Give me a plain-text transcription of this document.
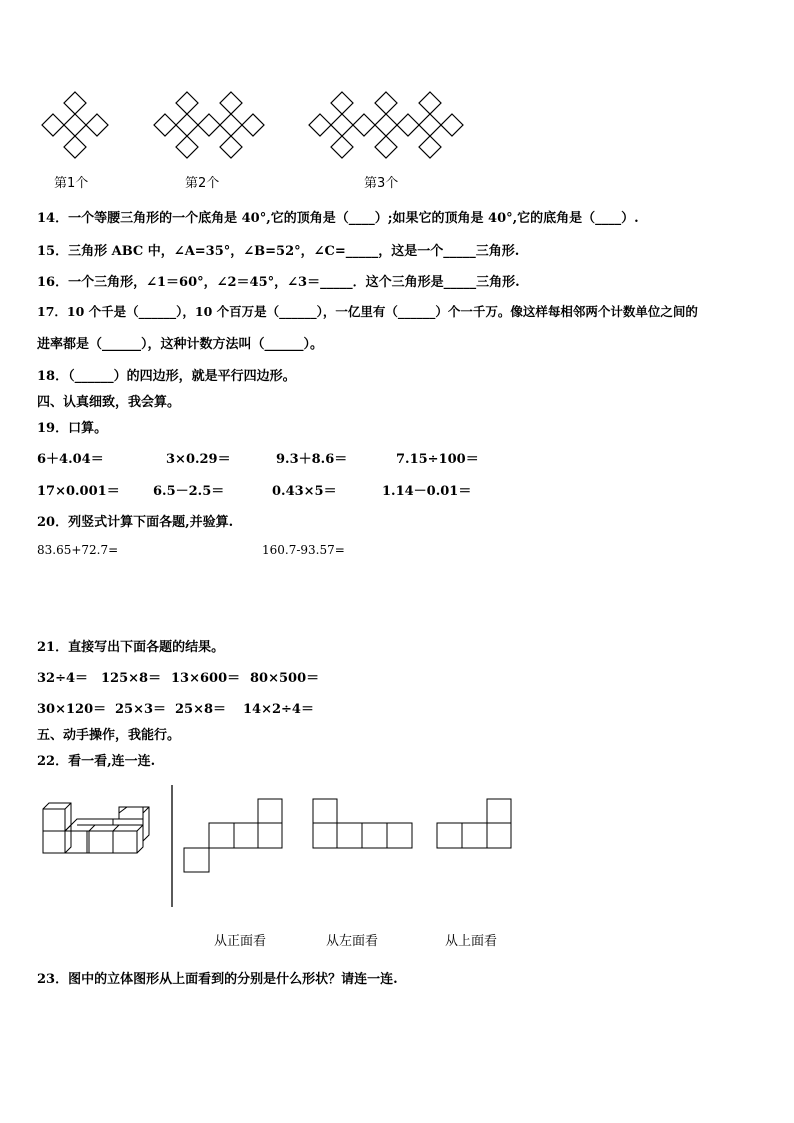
第1个	第2个	第3个
14．一个等腰三角形的一个底角是 40°,它的顶角是（____）;如果它的顶角是 40°,它的底角是（____）.
15．三角形 ABC 中，∠A=35°，∠B=52°，∠C=_____，这是一个_____三角形.
16．一个三角形，∠1＝60°，∠2＝45°，∠3＝_____．这个三角形是_____三角形.
17．10 个千是（______），10 个百万是（______），一亿里有（______）个一千万。像这样每相邻两个计数单位之间的
进率都是（______），这种计数方法叫（______）。
18．（______）的四边形，就是平行四边形。
四、认真细致，我会算。
19．口算。
6＋4.04＝	3×0.29＝	9.3＋8.6＝	7.15÷100＝
17×0.001＝	6.5－2.5＝	0.43×5＝	1.14－0.01＝
20．列竖式计算下面各题,并验算.
83.65+72.7=	160.7-93.57=
21．直接写出下面各题的结果。
32÷4＝ 125×8＝ 13×600＝ 80×500＝
30×120＝ 25×3＝ 25×8＝ 14×2÷4＝
五、动手操作，我能行。
22．看一看,连一连.
从正面看	从左面看	从上面看
23．图中的立体图形从上面看到的分别是什么形状？请连一连.
